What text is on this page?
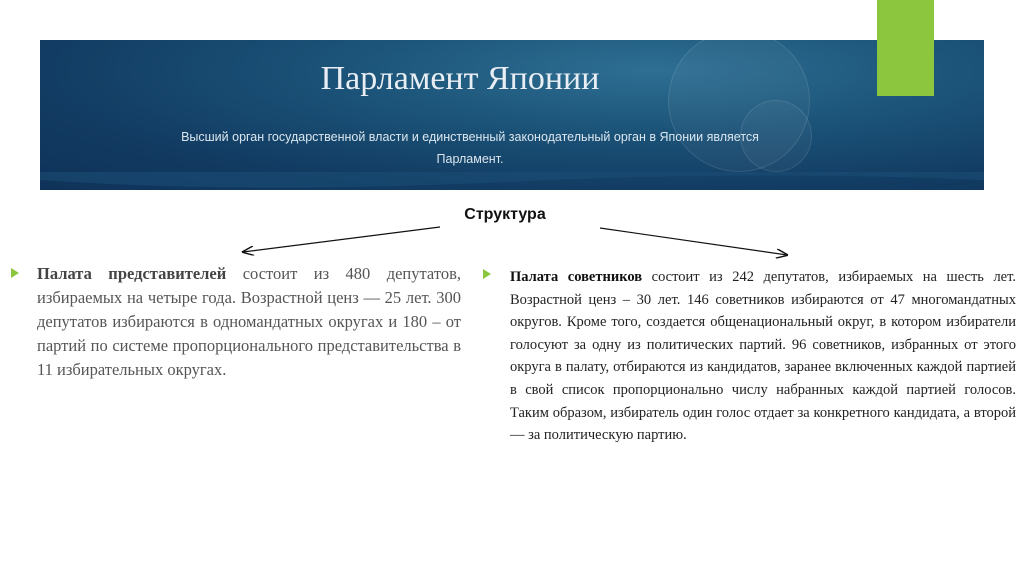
Парламент Японии
Высший орган государственной власти и единственный законодательный орган в Японии является
Парламент.
Структура
Палата представителей состоит из 480 депутатов, избираемых на четыре года. Возрастной ценз — 25 лет. 300 депутатов избираются в одномандатных округах и 180 – от партий по системе пропорционального представительства в 11 избирательных округах.
Палата советников состоит из 242 депутатов, избираемых на шесть лет. Возрастной ценз – 30 лет. 146 советников избираются от 47 многомандатных округов. Кроме того, создается общенациональный округ, в котором избиратели голосуют за одну из политических партий. 96 советников, избранных от этого округа в палату, отбираются из кандидатов, заранее включенных каждой партией в свой список пропорционально числу набранных каждой партией голосов. Таким образом, избиратель один голос отдает за конкретного кандидата, а второй — за политическую партию.
